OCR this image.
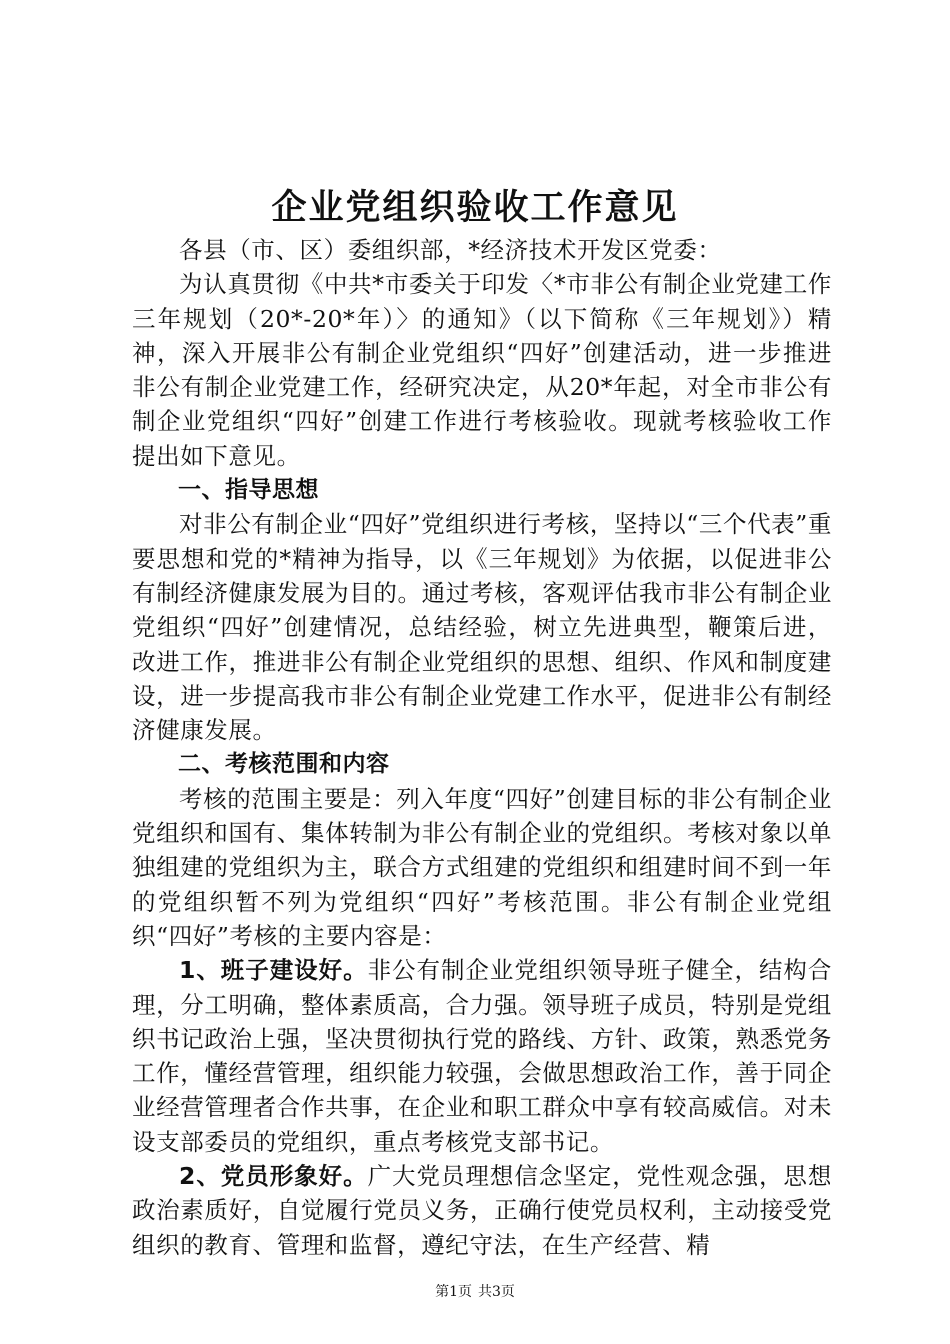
企业党组织验收工作意见

各县（市、区）委组织部，*经济技术开发区党委：

为认真贯彻《中共*市委关于印发〈*市非公有制企业党建工作三年规划（20*-20*年）〉的通知》（以下简称《三年规划》）精神，深入开展非公有制企业党组织“四好”创建活动，进一步推进非公有制企业党建工作，经研究决定，从20*年起，对全市非公有制企业党组织“四好”创建工作进行考核验收。现就考核验收工作提出如下意见。

一、指导思想

对非公有制企业“四好”党组织进行考核，坚持以“三个代表”重要思想和党的*精神为指导，以《三年规划》为依据，以促进非公有制经济健康发展为目的。通过考核，客观评估我市非公有制企业党组织“四好”创建情况，总结经验，树立先进典型，鞭策后进，改进工作，推进非公有制企业党组织的思想、组织、作风和制度建设，进一步提高我市非公有制企业党建工作水平，促进非公有制经济健康发展。

二、考核范围和内容

考核的范围主要是：列入年度“四好”创建目标的非公有制企业党组织和国有、集体转制为非公有制企业的党组织。考核对象以单独组建的党组织为主，联合方式组建的党组织和组建时间不到一年的党组织暂不列为党组织“四好”考核范围。非公有制企业党组织“四好”考核的主要内容是：

1、班子建设好。非公有制企业党组织领导班子健全，结构合理，分工明确，整体素质高，合力强。领导班子成员，特别是党组织书记政治上强，坚决贯彻执行党的路线、方针、政策，熟悉党务工作，懂经营管理，组织能力较强，会做思想政治工作，善于同企业经营管理者合作共事，在企业和职工群众中享有较高威信。对未设支部委员的党组织，重点考核党支部书记。

2、党员形象好。广大党员理想信念坚定，党性观念强，思想政治素质好，自觉履行党员义务，正确行使党员权利，主动接受党组织的教育、管理和监督，遵纪守法，在生产经营、精

第1页 共3页
